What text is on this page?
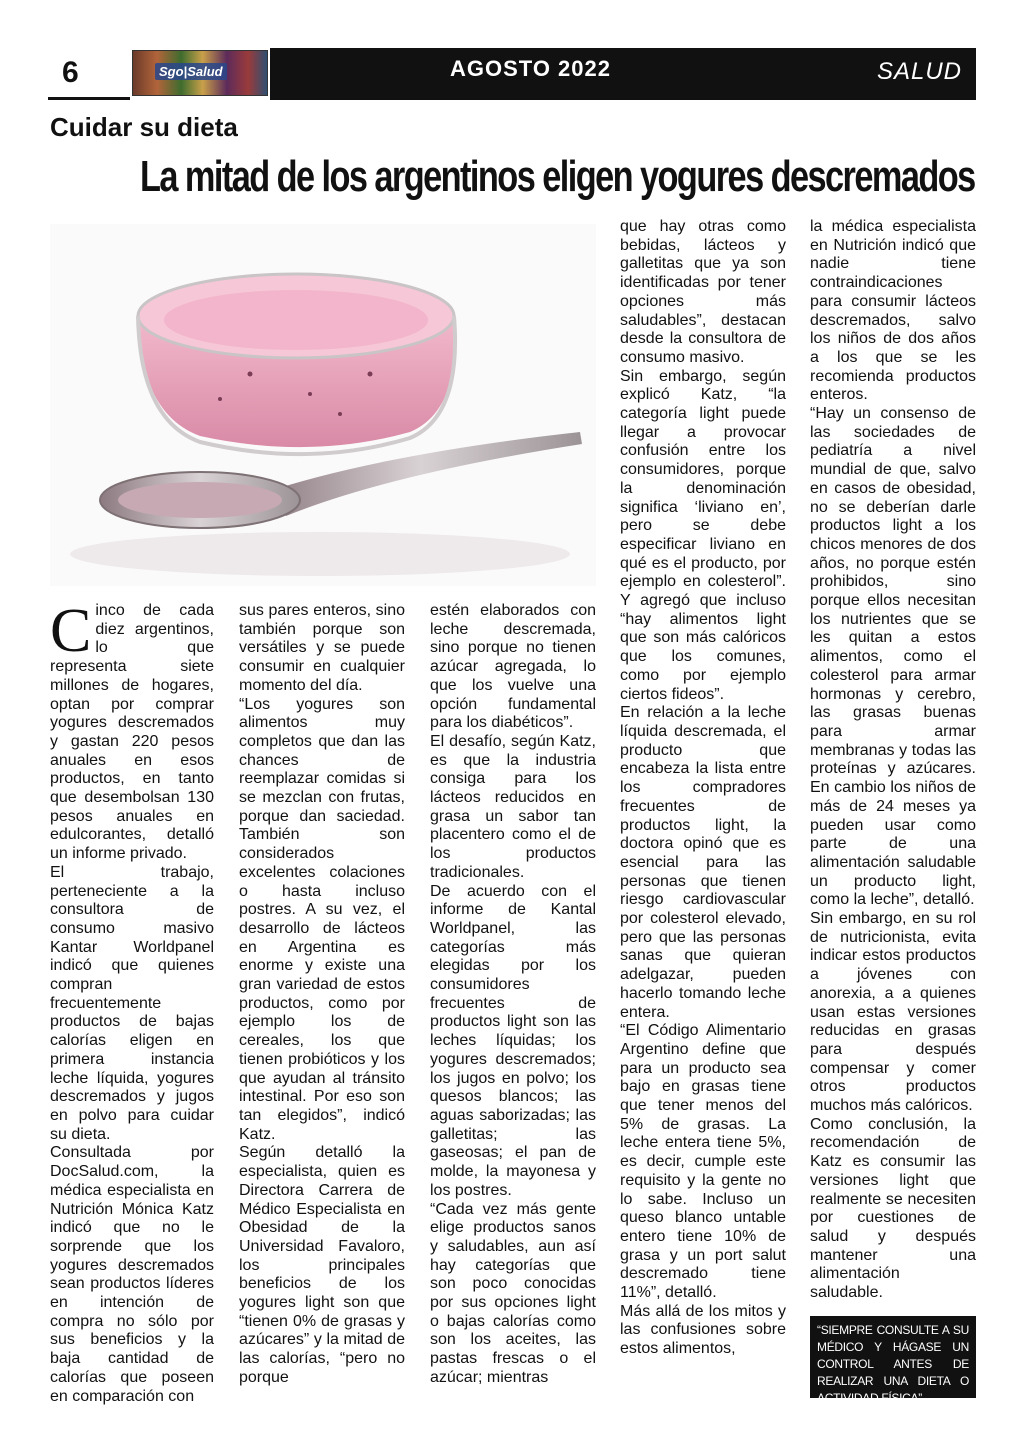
6	Sgo|Salud	AGOSTO 2022	SALUD
Cuidar su dieta
La mitad de los argentinos eligen yogures descremados

Cinco de cada diez argentinos, lo que representa siete millones de hogares, optan por comprar yogures descremados y gastan 220 pesos anuales en esos productos, en tanto que desembolsan 130 pesos anuales en edulcorantes, detalló un informe privado.

El trabajo, perteneciente a la consultora de consumo masivo Kantar Worldpanel indicó que quienes compran frecuentemente productos de bajas calorías eligen en primera instancia leche líquida, yogures descremados y jugos en polvo para cuidar su dieta.

Consultada por DocSalud.com, la médica especialista en Nutrición Mónica Katz indicó que no le sorprende que los yogures descremados sean productos líderes en intención de compra no sólo por sus beneficios y la baja cantidad de calorías que poseen en comparación con

sus pares enteros, sino también porque son versátiles y se puede consumir en cualquier momento del día.

“Los yogures son alimentos muy completos que dan las chances de reemplazar comidas si se mezclan con frutas, porque dan saciedad. También son considerados excelentes colaciones o hasta incluso postres. A su vez, el desarrollo de lácteos en Argentina es enorme y existe una gran variedad de estos productos, como por ejemplo los de cereales, los que tienen probióticos y los que ayudan al tránsito intestinal. Por eso son tan elegidos”, indicó Katz.

Según detalló la especialista, quien es Directora Carrera de Médico Especialista en Obesidad de la Universidad Favaloro, los principales beneficios de los yogures light son que “tienen 0% de grasas y azúcares” y la mitad de las calorías, “pero no porque

estén elaborados con leche descremada, sino porque no tienen azúcar agregada, lo que los vuelve una opción fundamental para los diabéticos”.

El desafío, según Katz, es que la industria consiga para los lácteos reducidos en grasa un sabor tan placentero como el de los productos tradicionales.

De acuerdo con el informe de Kantal Worldpanel, las categorías más elegidas por los consumidores frecuentes de productos light son las leches líquidas; los yogures descremados; los jugos en polvo; los quesos blancos; las aguas saborizadas; las galletitas; las gaseosas; el pan de molde, la mayonesa y los postres.

“Cada vez más gente elige productos sanos y saludables, aun así hay categorías que son poco conocidas por sus opciones light o bajas calorías como son los aceites, las pastas frescas o el azúcar; mientras

que hay otras como bebidas, lácteos y galletitas que ya son identificadas por tener opciones más saludables”, destacan desde la consultora de consumo masivo.

Sin embargo, según explicó Katz, “la categoría light puede llegar a provocar confusión entre los consumidores, porque la denominación significa ‘liviano en’, pero se debe especificar liviano en qué es el producto, por ejemplo en colesterol”. Y agregó que incluso “hay alimentos light que son más calóricos que los comunes, como por ejemplo ciertos fideos”.

En relación a la leche líquida descremada, el producto que encabeza la lista entre los compradores frecuentes de productos light, la doctora opinó que es esencial para las personas que tienen riesgo cardiovascular por colesterol elevado, pero que las personas sanas que quieran adelgazar, pueden hacerlo tomando leche entera.

“El Código Alimentario Argentino define que para un producto sea bajo en grasas tiene que tener menos del 5% de grasas. La leche entera tiene 5%, es decir, cumple este requisito y la gente no lo sabe. Incluso un queso blanco untable entero tiene 10% de grasa y un port salut descremado tiene 11%”, detalló.

Más allá de los mitos y las confusiones sobre estos alimentos,

la médica especialista en Nutrición indicó que nadie tiene contraindicaciones para consumir lácteos descremados, salvo los niños de dos años a los que se les recomienda productos enteros.

“Hay un consenso de las sociedades de pediatría a nivel mundial de que, salvo en casos de obesidad, no se deberían darle productos light a los chicos menores de dos años, no porque estén prohibidos, sino porque ellos necesitan los nutrientes que se les quitan a estos alimentos, como el colesterol para armar hormonas y cerebro, las grasas buenas para armar membranas y todas las proteínas y azúcares. En cambio los niños de más de 24 meses ya pueden usar como parte de una alimentación saludable un producto light, como la leche”, detalló.

Sin embargo, en su rol de nutricionista, evita indicar estos productos a jóvenes con anorexia, a a quienes usan estas versiones reducidas en grasas para después compensar y comer otros productos muchos más calóricos.

Como conclusión, la recomendación de Katz es consumir las versiones light que realmente se necesiten por cuestiones de salud y después mantener una alimentación saludable.

“SIEMPRE CONSULTE A SU MÉDICO Y HÁGASE UN CONTROL ANTES DE REALIZAR UNA DIETA O ACTIVIDAD FÍSICA”
